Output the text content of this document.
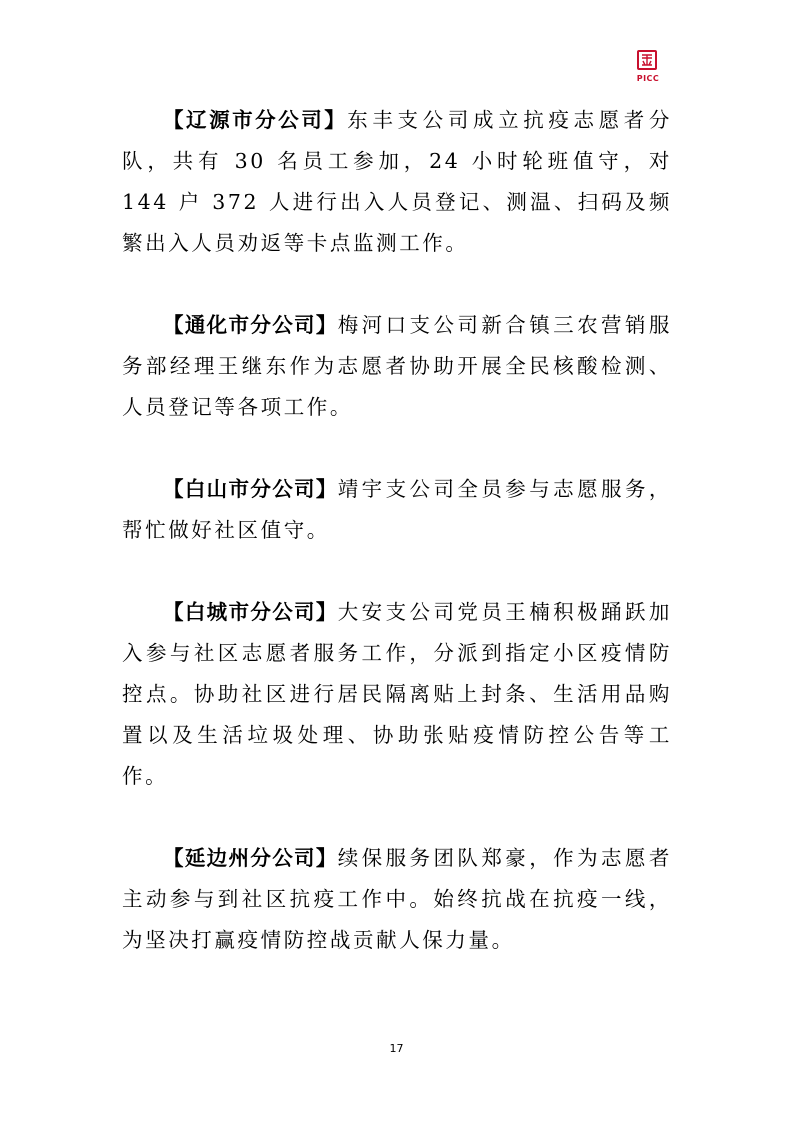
PICC

【辽源市分公司】东丰支公司成立抗疫志愿者分队，共有 30 名员工参加，24 小时轮班值守，对 144 户 372 人进行出入人员登记、测温、扫码及频繁出入人员劝返等卡点监测工作。

【通化市分公司】梅河口支公司新合镇三农营销服务部经理王继东作为志愿者协助开展全民核酸检测、人员登记等各项工作。

【白山市分公司】靖宇支公司全员参与志愿服务，帮忙做好社区值守。

【白城市分公司】大安支公司党员王楠积极踊跃加入参与社区志愿者服务工作，分派到指定小区疫情防控点。协助社区进行居民隔离贴上封条、生活用品购置以及生活垃圾处理、协助张贴疫情防控公告等工作。

【延边州分公司】续保服务团队郑豪，作为志愿者主动参与到社区抗疫工作中。始终抗战在抗疫一线，为坚决打赢疫情防控战贡献人保力量。

17
